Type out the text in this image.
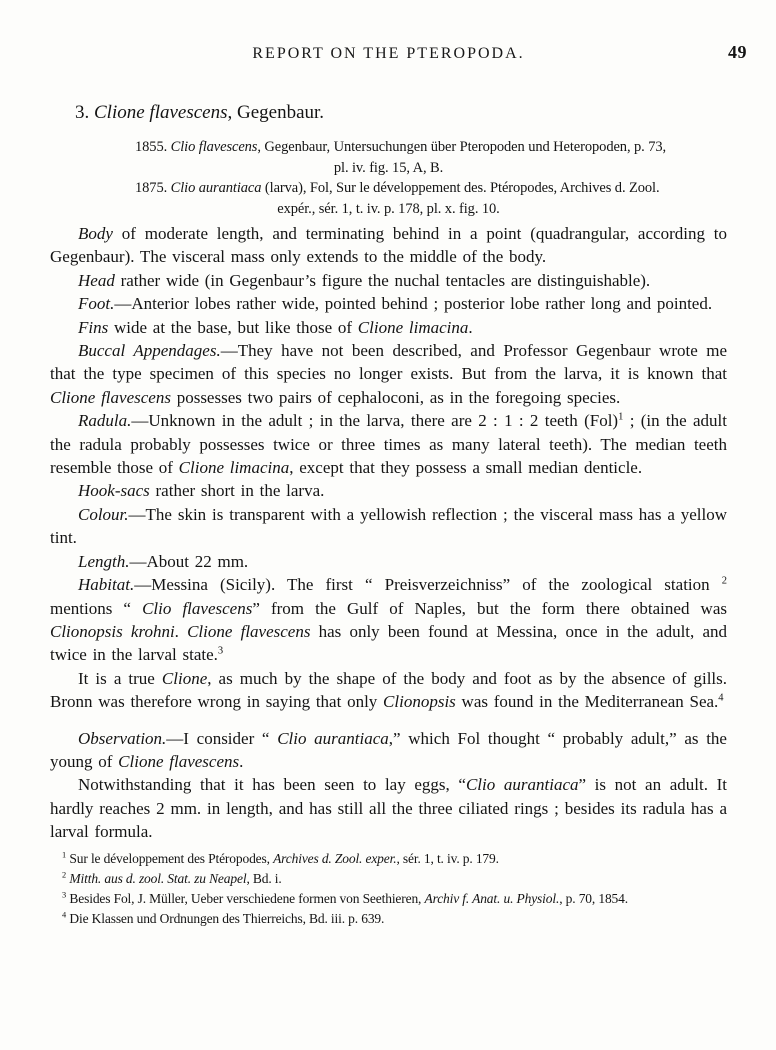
REPORT ON THE PTEROPODA.	49
3. Clione flavescens, Gegenbaur.
1855. Clio flavescens, Gegenbaur, Untersuchungen über Pteropoden und Heteropoden, p. 73,
pl. iv. fig. 15, A, B.
1875. Clio aurantiaca (larva), Fol, Sur le développement des. Ptéropodes, Archives d. Zool.
expér., sér. 1, t. iv. p. 178, pl. x. fig. 10.

Body of moderate length, and terminating behind in a point (quadrangular, according to Gegenbaur). The visceral mass only extends to the middle of the body.

Head rather wide (in Gegenbaur’s figure the nuchal tentacles are distinguishable).

Foot.—Anterior lobes rather wide, pointed behind ; posterior lobe rather long and pointed.

Fins wide at the base, but like those of Clione limacina.

Buccal Appendages.—They have not been described, and Professor Gegenbaur wrote me that the type specimen of this species no longer exists. But from the larva, it is known that Clione flavescens possesses two pairs of cephaloconi, as in the foregoing species.

Radula.—Unknown in the adult ; in the larva, there are 2 : 1 : 2 teeth (Fol)$^1$ ; (in the adult the radula probably possesses twice or three times as many lateral teeth). The median teeth resemble those of Clione limacina, except that they possess a small median denticle.

Hook-sacs rather short in the larva.

Colour.—The skin is transparent with a yellowish reflection ; the visceral mass has a yellow tint.

Length.—About 22 mm.

Habitat.—Messina (Sicily). The first “ Preisverzeichniss” of the zoological station $^2$ mentions “ Clio flavescens” from the Gulf of Naples, but the form there obtained was Clionopsis krohni. Clione flavescens has only been found at Messina, once in the adult, and twice in the larval state.$^3$

It is a true Clione, as much by the shape of the body and foot as by the absence of gills. Bronn was therefore wrong in saying that only Clionopsis was found in the Mediterranean Sea.$^4$

Observation.—I consider “ Clio aurantiaca,” which Fol thought “ probably adult,” as the young of Clione flavescens.

Notwithstanding that it has been seen to lay eggs, “Clio aurantiaca” is not an adult. It hardly reaches 2 mm. in length, and has still all the three ciliated rings ; besides its radula has a larval formula.

$^1$ Sur le développement des Ptéropodes, Archives d. Zool. exper., sér. 1, t. iv. p. 179.

$^2$ Mitth. aus d. zool. Stat. zu Neapel, Bd. i.

$^3$ Besides Fol, J. Müller, Ueber verschiedene formen von Seethieren, Archiv f. Anat. u. Physiol., p. 70, 1854.

$^4$ Die Klassen und Ordnungen des Thierreichs, Bd. iii. p. 639.
